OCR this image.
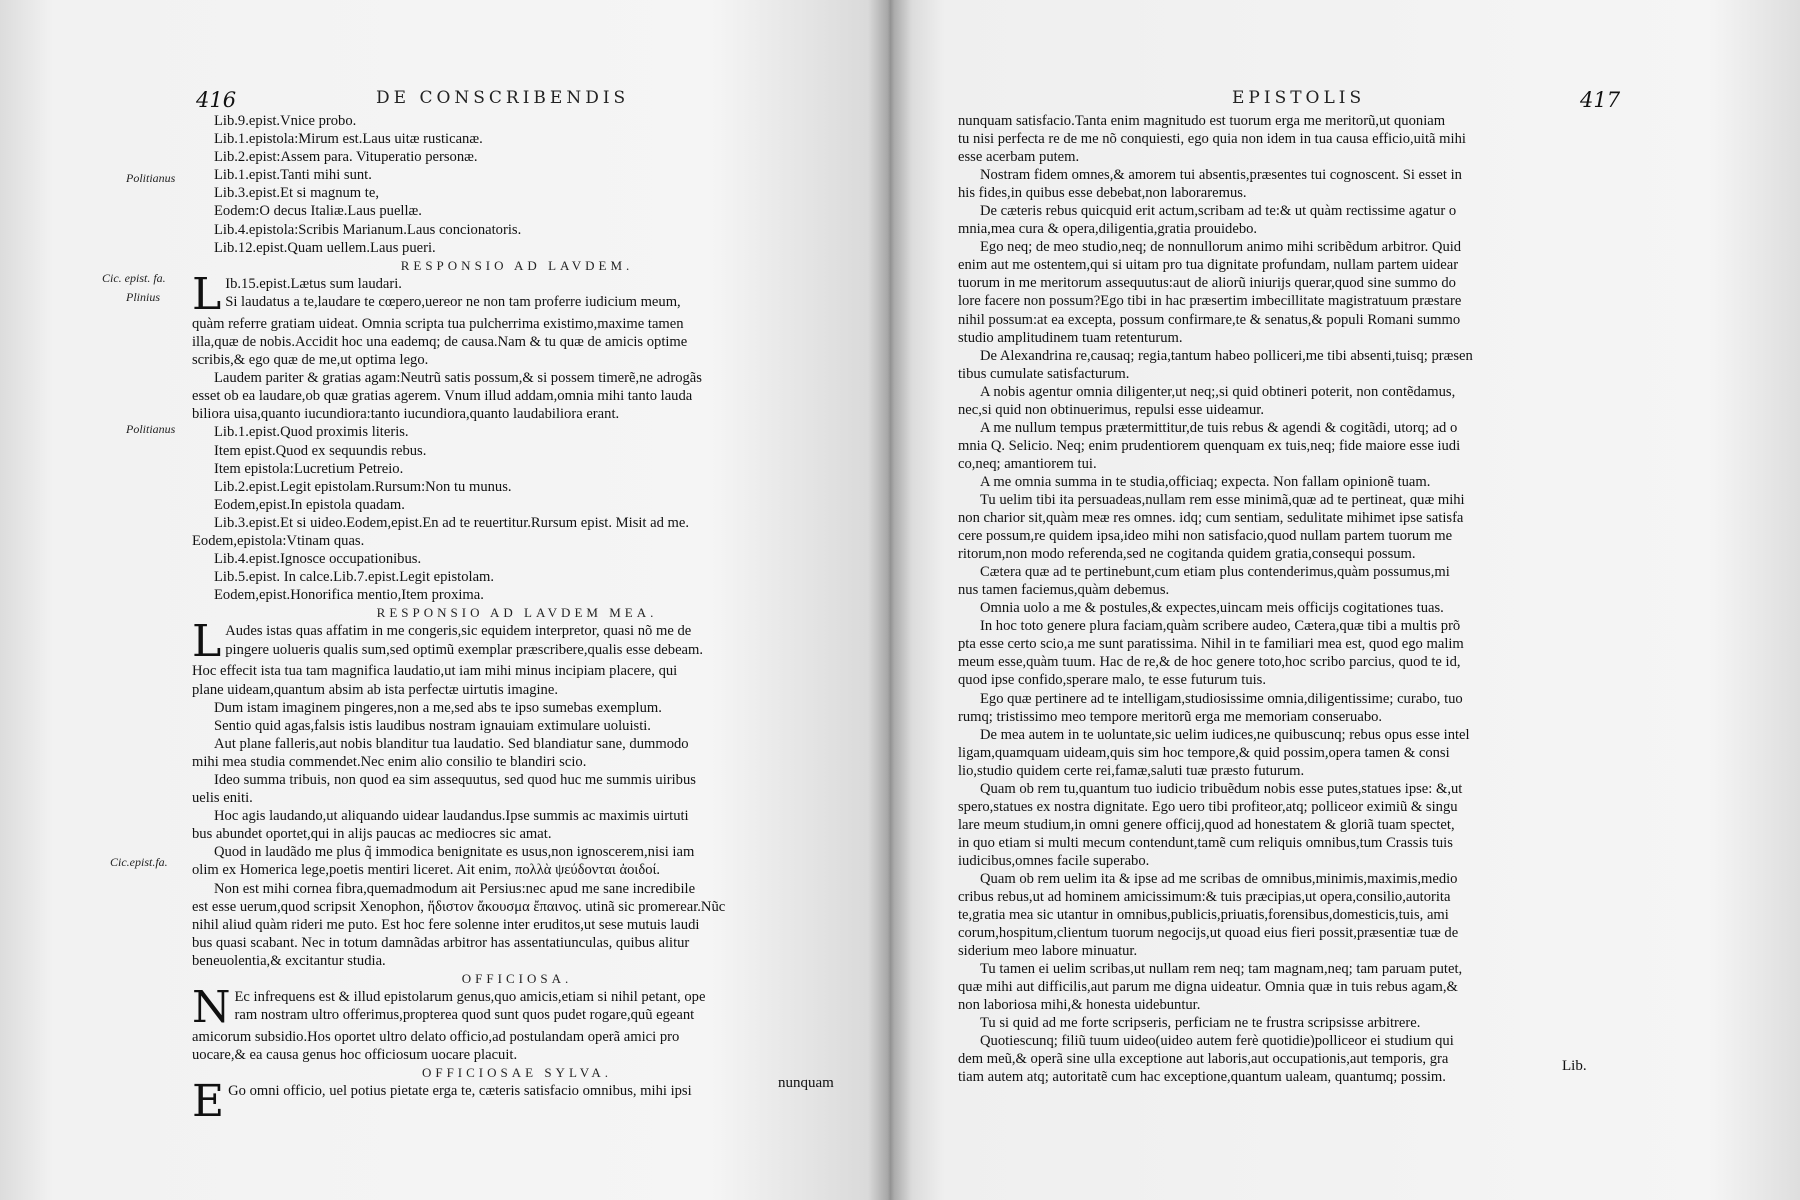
416	DE CONSCRIBENDIS	EPISTOLIS	417
Politianus
Cic. epist. fa.
Plinius
Politianus
Cic.epist.fa.

Lib.9.epist.Vnice probo.

Lib.1.epistola:Mirum est.Laus uitæ rusticanæ.

Lib.2.epist:Assem para. Vituperatio personæ.

Lib.1.epist.Tanti mihi sunt.

Lib.3.epist.Et si magnum te,

Eodem:O decus Italiæ.Laus puellæ.

Lib.4.epistola:Scribis Marianum.Laus concionatoris.

Lib.12.epist.Quam uellem.Laus pueri.

RESPONSIO AD LAVDEM.

L Ib.15.epist.Lætus sum laudari.

Si laudatus a te,laudare te cœpero,uereor ne non tam proferre iudicium meum,

quàm referre gratiam uideat. Omnia scripta tua pulcherrima existimo,maxime tamen

illa,quæ de nobis.Accidit hoc una eademq; de causa.Nam & tu quæ de amicis optime

scribis,& ego quæ de me,ut optima lego.

Laudem pariter & gratias agam:Neutrũ satis possum,& si possem timerẽ,ne adrogãs

esset ob ea laudare,ob quæ gratias agerem. Vnum illud addam,omnia mihi tanto lauda

biliora uisa,quanto iucundiora:tanto iucundiora,quanto laudabiliora erant.

Lib.1.epist.Quod proximis literis.

Item epist.Quod ex sequundis rebus.

Item epistola:Lucretium Petreio.

Lib.2.epist.Legit epistolam.Rursum:Non tu munus.

Eodem,epist.In epistola quadam.

Lib.3.epist.Et si uideo.Eodem,epist.En ad te reuertitur.Rursum epist. Misit ad me.

Eodem,epistola:Vtinam quas.

Lib.4.epist.Ignosce occupationibus.

Lib.5.epist. In calce.Lib.7.epist.Legit epistolam.

Eodem,epist.Honorifica mentio,Item proxima.

RESPONSIO AD LAVDEM MEA.

L Audes istas quas affatim in me congeris,sic equidem interpretor, quasi nõ me de

pingere uolueris qualis sum,sed optimũ exemplar præscribere,qualis esse debeam.

Hoc effecit ista tua tam magnifica laudatio,ut iam mihi minus incipiam placere, qui

plane uideam,quantum absim ab ista perfectæ uirtutis imagine.

Dum istam imaginem pingeres,non a me,sed abs te ipso sumebas exemplum.

Sentio quid agas,falsis istis laudibus nostram ignauiam extimulare uoluisti.

Aut plane falleris,aut nobis blanditur tua laudatio. Sed blandiatur sane, dummodo

mihi mea studia commendet.Nec enim alio consilio te blandiri scio.

Ideo summa tribuis, non quod ea sim assequutus, sed quod huc me summis uiribus

uelis eniti.

Hoc agis laudando,ut aliquando uidear laudandus.Ipse summis ac maximis uirtuti

bus abundet oportet,qui in alijs paucas ac mediocres sic amat.

Quod in laudãdo me plus q̃ immodica benignitate es usus,non ignoscerem,nisi iam

olim ex Homerica lege,poetis mentiri liceret. Ait enim, πολλὰ ψεύδονται ἀοιδοί.

Non est mihi cornea fibra,quemadmodum ait Persius:nec apud me sane incredibile

est esse uerum,quod scripsit Xenophon, ἥδιστον ἄκουσμα ἔπαινος. utinã sic promerear.Nũc

nihil aliud quàm rideri me puto. Est hoc fere solenne inter eruditos,ut sese mutuis laudi

bus quasi scabant. Nec in totum damnãdas arbitror has assentatiunculas, quibus alitur

beneuolentia,& excitantur studia.

OFFICIOSA.

N Ec infrequens est & illud epistolarum genus,quo amicis,etiam si nihil petant, ope

ram nostram ultro offerimus,propterea quod sunt quos pudet rogare,quũ egeant

amicorum subsidio.Hos oportet ultro delato officio,ad postulandam operã amici pro

uocare,& ea causa genus hoc officiosum uocare placuit.

OFFICIOSAE SYLVA.

E Go omni officio, uel potius pietate erga te, cæteris satisfacio omnibus, mihi ipsi

nunquam

nunquam satisfacio.Tanta enim magnitudo est tuorum erga me meritorũ,ut quoniam

tu nisi perfecta re de me nõ conquiesti, ego quia non idem in tua causa efficio,uitã mihi

esse acerbam putem.

Nostram fidem omnes,& amorem tui absentis,præsentes tui cognoscent. Si esset in

his fides,in quibus esse debebat,non laboraremus.

De cæteris rebus quicquid erit actum,scribam ad te:& ut quàm rectissime agatur o

mnia,mea cura & opera,diligentia,gratia prouidebo.

Ego neq; de meo studio,neq; de nonnullorum animo mihi scribẽdum arbitror. Quid

enim aut me ostentem,qui si uitam pro tua dignitate profundam, nullam partem uidear

tuorum in me meritorum assequutus:aut de aliorũ iniurijs querar,quod sine summo do

lore facere non possum?Ego tibi in hac præsertim imbecillitate magistratuum præstare

nihil possum:at ea excepta, possum confirmare,te & senatus,& populi Romani summo

studio amplitudinem tuam retenturum.

De Alexandrina re,causaq; regia,tantum habeo polliceri,me tibi absenti,tuisq; præsen

tibus cumulate satisfacturum.

A nobis agentur omnia diligenter,ut neq;,si quid obtineri poterit, non contẽdamus,

nec,si quid non obtinuerimus, repulsi esse uideamur.

A me nullum tempus prætermittitur,de tuis rebus & agendi & cogitãdi, utorq; ad o

mnia Q. Selicio. Neq; enim prudentiorem quenquam ex tuis,neq; fide maiore esse iudi

co,neq; amantiorem tui.

A me omnia summa in te studia,officiaq; expecta. Non fallam opinionẽ tuam.

Tu uelim tibi ita persuadeas,nullam rem esse minimã,quæ ad te pertineat, quæ mihi

non charior sit,quàm meæ res omnes. idq; cum sentiam, sedulitate mihimet ipse satisfa

cere possum,re quidem ipsa,ideo mihi non satisfacio,quod nullam partem tuorum me

ritorum,non modo referenda,sed ne cogitanda quidem gratia,consequi possum.

Cætera quæ ad te pertinebunt,cum etiam plus contenderimus,quàm possumus,mi

nus tamen faciemus,quàm debemus.

Omnia uolo a me & postules,& expectes,uincam meis officijs cogitationes tuas.

In hoc toto genere plura faciam,quàm scribere audeo, Cætera,quæ tibi a multis prõ

pta esse certo scio,a me sunt paratissima. Nihil in te familiari mea est, quod ego malim

meum esse,quàm tuum. Hac de re,& de hoc genere toto,hoc scribo parcius, quod te id,

quod ipse confido,sperare malo, te esse futurum tuis.

Ego quæ pertinere ad te intelligam,studiosissime omnia,diligentissime; curabo, tuo

rumq; tristissimo meo tempore meritorũ erga me memoriam conseruabo.

De mea autem in te uoluntate,sic uelim iudices,ne quibuscunq; rebus opus esse intel

ligam,quamquam uideam,quis sim hoc tempore,& quid possim,opera tamen & consi

lio,studio quidem certe rei,famæ,saluti tuæ præsto futurum.

Quam ob rem tu,quantum tuo iudicio tribuẽdum nobis esse putes,statues ipse: &,ut

spero,statues ex nostra dignitate. Ego uero tibi profiteor,atq; polliceor eximiũ & singu

lare meum studium,in omni genere officij,quod ad honestatem & gloriã tuam spectet,

in quo etiam si multi mecum contendunt,tamẽ cum reliquis omnibus,tum Crassis tuis

iudicibus,omnes facile superabo.

Quam ob rem uelim ita & ipse ad me scribas de omnibus,minimis,maximis,medio

cribus rebus,ut ad hominem amicissimum:& tuis præcipias,ut opera,consilio,autorita

te,gratia mea sic utantur in omnibus,publicis,priuatis,forensibus,domesticis,tuis, ami

corum,hospitum,clientum tuorum negocijs,ut quoad eius fieri possit,præsentiæ tuæ de

siderium meo labore minuatur.

Tu tamen ei uelim scribas,ut nullam rem neq; tam magnam,neq; tam paruam putet,

quæ mihi aut difficilis,aut parum me digna uideatur. Omnia quæ in tuis rebus agam,&

non laboriosa mihi,& honesta uidebuntur.

Tu si quid ad me forte scripseris, perficiam ne te frustra scripsisse arbitrere.

Quotiescunq; filiũ tuum uideo(uideo autem ferè quotidie)polliceor ei studium qui

dem meũ,& operã sine ulla exceptione aut laboris,aut occupationis,aut temporis, gra

tiam autem atq; autoritatẽ cum hac exceptione,quantum ualeam, quantumq; possim.

Lib.
